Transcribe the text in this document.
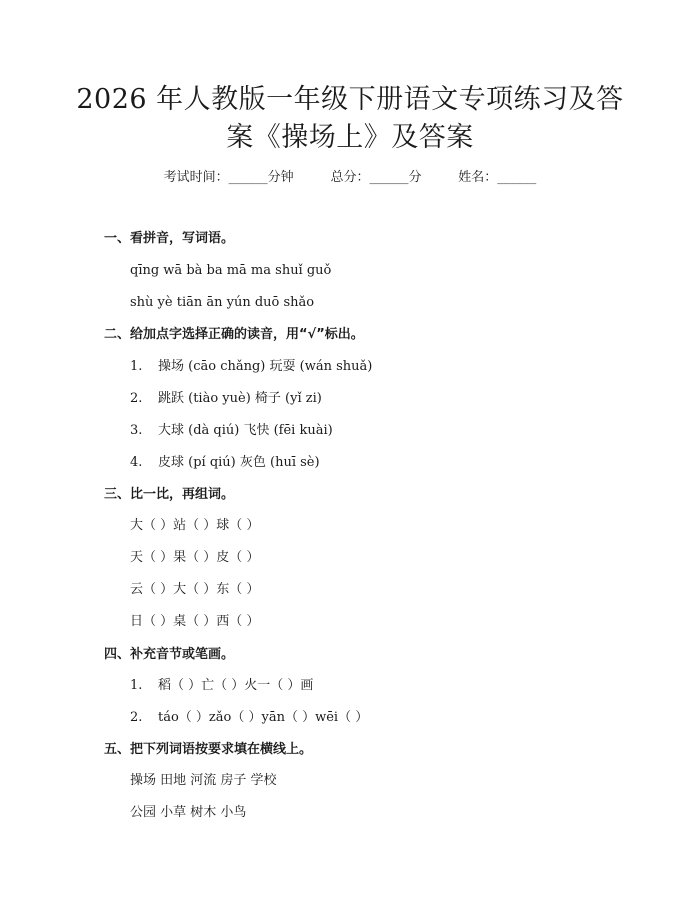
2026 年人教版一年级下册语文专项练习及答
案《操场上》及答案
考试时间：______分钟	总分：______分	姓名：______
一、看拼音，写词语。
qīng wā bà ba mā ma shuǐ guǒ
shù yè tiān ān yún duō shǎo
二、给加点字选择正确的读音，用“√”标出。
1. 操场 (cāo chǎng) 玩耍 (wán shuǎ)
2. 跳跃 (tiào yuè) 椅子 (yǐ zi)
3. 大球 (dà qiú) 飞快 (fēi kuài)
4. 皮球 (pí qiú) 灰色 (huī sè)
三、比一比，再组词。
大（ ）站（ ）球（ ）
天（ ）果（ ）皮（ ）
云（ ）大（ ）东（ ）
日（ ）桌（ ）西（ ）
四、补充音节或笔画。
1. 稻（ ）亡（ ）火一（ ）画
2. táo（ ）zǎo（ ）yān（ ）wēi（ ）
五、把下列词语按要求填在横线上。
操场 田地 河流 房子 学校
公园 小草 树木 小鸟
